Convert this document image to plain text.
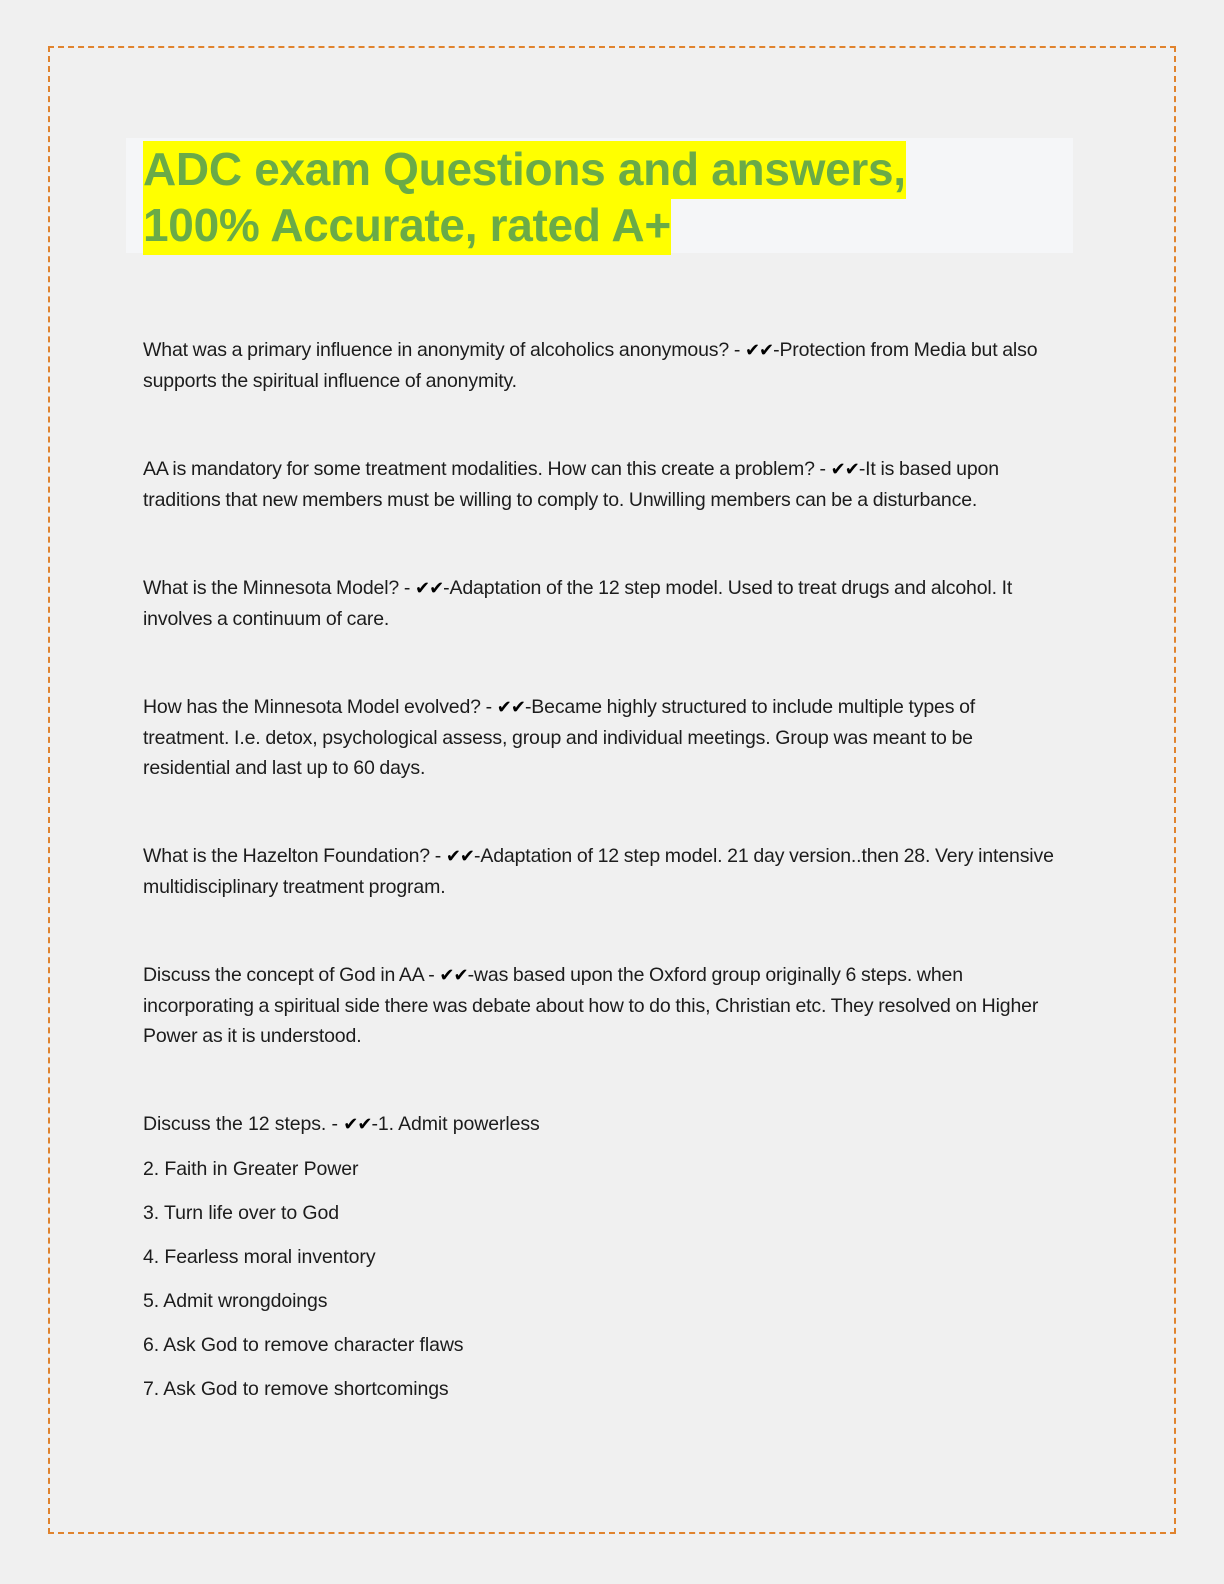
ADC exam Questions and answers,
100% Accurate, rated A+

What was a primary influence in anonymity of alcoholics anonymous? - ✔✔-Protection from Media but also supports the spiritual influence of anonymity.

AA is mandatory for some treatment modalities. How can this create a problem? - ✔✔-It is based upon traditions that new members must be willing to comply to. Unwilling members can be a disturbance.

What is the Minnesota Model? - ✔✔-Adaptation of the 12 step model. Used to treat drugs and alcohol. It involves a continuum of care.

How has the Minnesota Model evolved? - ✔✔-Became highly structured to include multiple types of treatment. I.e. detox, psychological assess, group and individual meetings. Group was meant to be residential and last up to 60 days.

What is the Hazelton Foundation? - ✔✔-Adaptation of 12 step model. 21 day version..then 28. Very intensive multidisciplinary treatment program.

Discuss the concept of God in AA - ✔✔-was based upon the Oxford group originally 6 steps. when incorporating a spiritual side there was debate about how to do this, Christian etc. They resolved on Higher Power as it is understood.

Discuss the 12 steps. - ✔✔-1. Admit powerless

2. Faith in Greater Power
3. Turn life over to God
4. Fearless moral inventory
5. Admit wrongdoings
6. Ask God to remove character flaws
7. Ask God to remove shortcomings
